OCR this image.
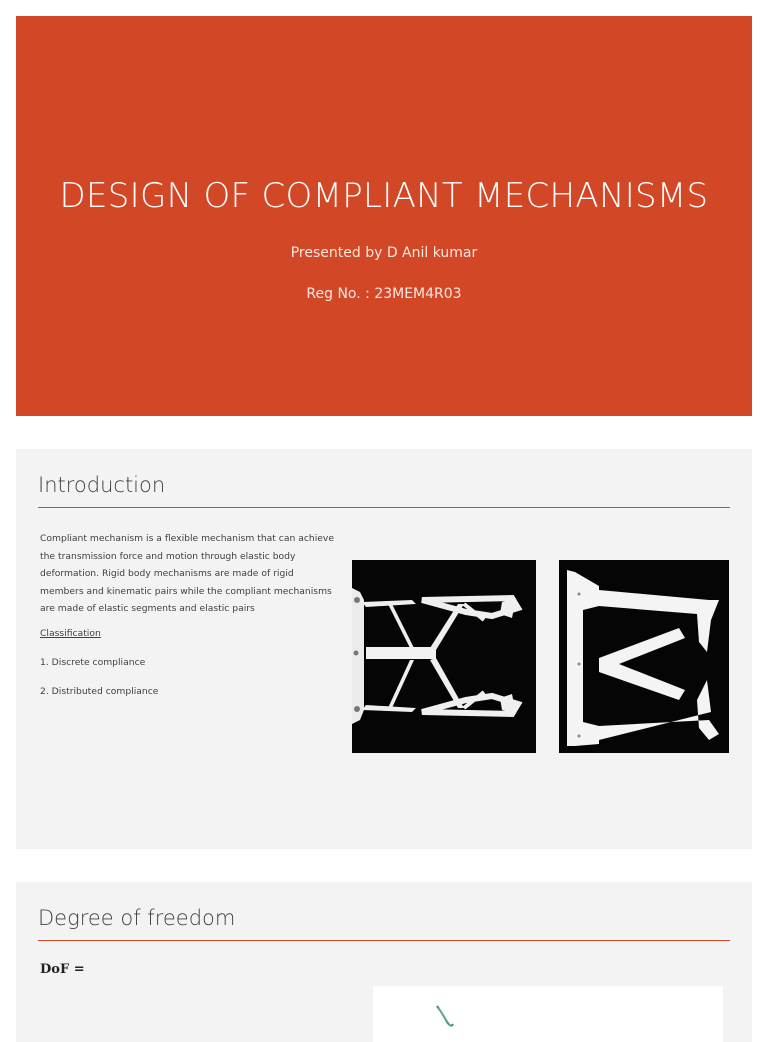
DESIGN OF COMPLIANT MECHANISMS
Presented by D Anil kumar
Reg No. : 23MEM4R03
Introduction
Compliant mechanism is a flexible mechanism that can achieve the transmission force and motion through elastic body deformation. Rigid body mechanisms are made of rigid members and kinematic pairs while the compliant mechanisms are made of elastic segments and elastic pairs
Classification
1. Discrete compliance
2. Distributed compliance
Degree of freedom
DoF =
